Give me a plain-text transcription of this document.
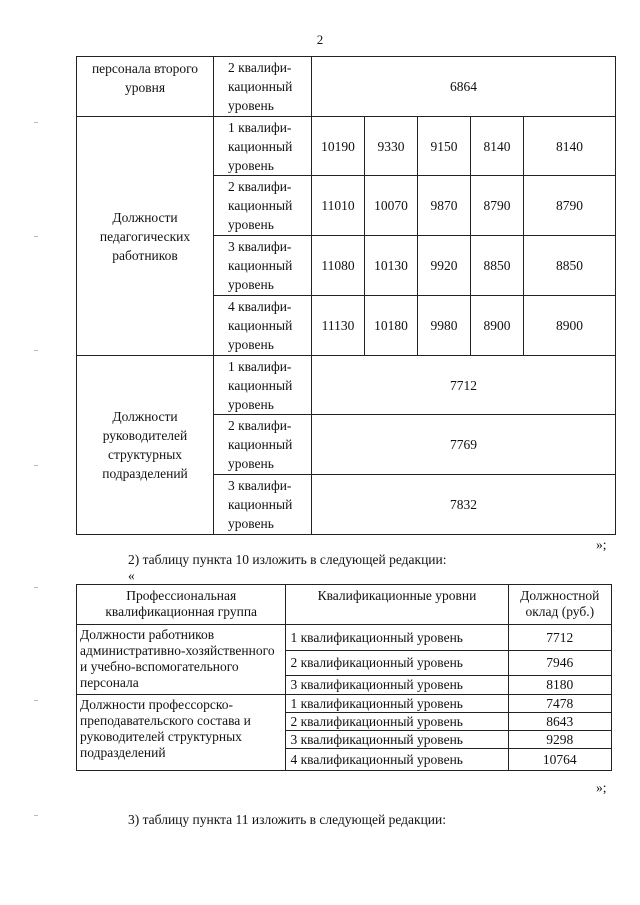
2
персонала второго уровня	2 квалифи-кационный уровень	6864				
Должности педагогических работников	1 квалифи-кационный уровень	10190	9330	9150	8140	8140
	2 квалифи-кационный уровень	11010	10070	9870	8790	8790
	3 квалифи-кационный уровень	11080	10130	9920	8850	8850
	4 квалифи-кационный уровень	11130	10180	9980	8900	8900
Должности руководителей структурных подразделений	1 квалифи-кационный уровень	7712				
	2 квалифи-кационный уровень	7769				
	3 квалифи-кационный уровень	7832				
»;
2) таблицу пункта 10 изложить в следующей редакции:
«
Профессиональная квалификационная группа	Квалификационные уровни	Должностной оклад (руб.)
Должности работников административно-хозяйственного и учебно-вспомогательного персонала	1 квалификационный уровень	7712
	2 квалификационный уровень	7946
	3 квалификационный уровень	8180
Должности профессорско-преподавательского состава и руководителей структурных подразделений	1 квалификационный уровень	7478
	2 квалификационный уровень	8643
	3 квалификационный уровень	9298
	4 квалификационный уровень	10764
»;
3) таблицу пункта 11 изложить в следующей редакции:
